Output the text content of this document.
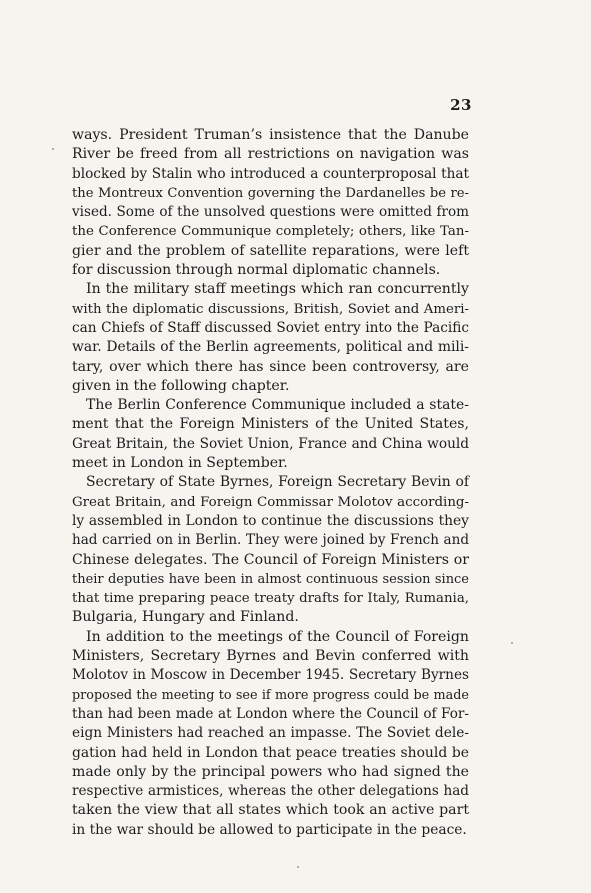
23
ways. President Truman’s insistence that the Danube
River be freed from all restrictions on navigation was
blocked by Stalin who introduced a counterproposal that
the Montreux Convention governing the Dardanelles be re-
vised. Some of the unsolved questions were omitted from
the Conference Communique completely; others, like Tan-
gier and the problem of satellite reparations, were left
for discussion through normal diplomatic channels.
In the military staff meetings which ran concurrently
with the diplomatic discussions, British, Soviet and Ameri-
can Chiefs of Staff discussed Soviet entry into the Pacific
war. Details of the Berlin agreements, political and mili-
tary, over which there has since been controversy, are
given in the following chapter.
The Berlin Conference Communique included a state-
ment that the Foreign Ministers of the United States,
Great Britain, the Soviet Union, France and China would
meet in London in September.
Secretary of State Byrnes, Foreign Secretary Bevin of
Great Britain, and Foreign Commissar Molotov according-
ly assembled in London to continue the discussions they
had carried on in Berlin. They were joined by French and
Chinese delegates. The Council of Foreign Ministers or
their deputies have been in almost continuous session since
that time preparing peace treaty drafts for Italy, Rumania,
Bulgaria, Hungary and Finland.
In addition to the meetings of the Council of Foreign
Ministers, Secretary Byrnes and Bevin conferred with
Molotov in Moscow in December 1945. Secretary Byrnes
proposed the meeting to see if more progress could be made
than had been made at London where the Council of For-
eign Ministers had reached an impasse. The Soviet dele-
gation had held in London that peace treaties should be
made only by the principal powers who had signed the
respective armistices, whereas the other delegations had
taken the view that all states which took an active part
in the war should be allowed to participate in the peace.
